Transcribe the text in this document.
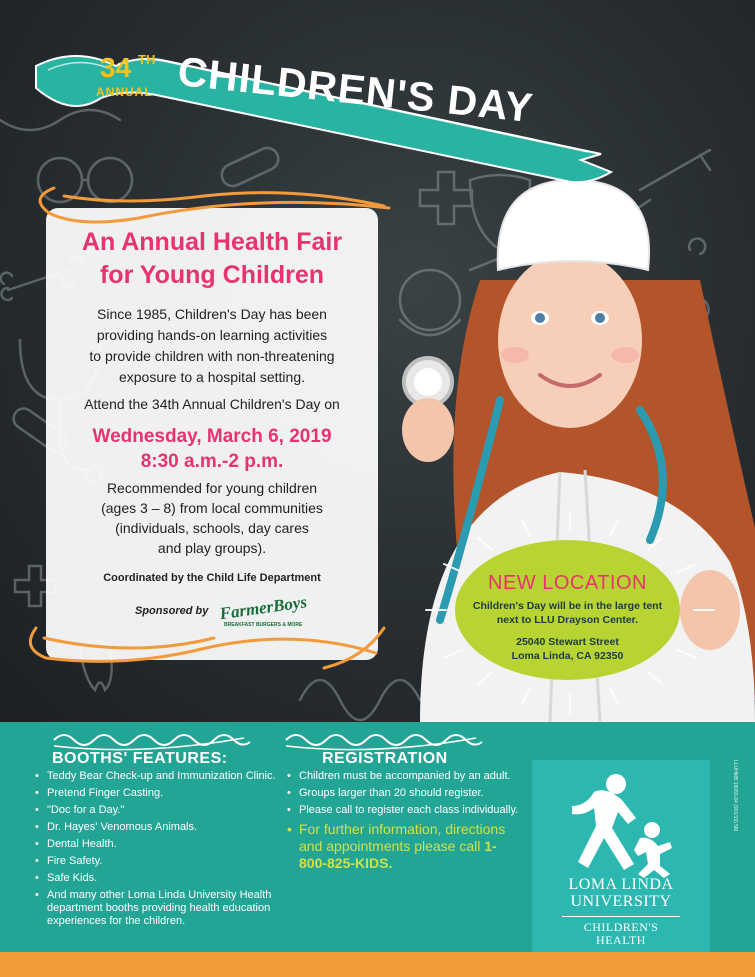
34 TH
ANNUAL CHILDREN'S DAY
An Annual Health Fair
for Young Children
Since 1985, Children's Day has been
providing hands-on learning activities
to provide children with non-threatening
exposure to a hospital setting.
Attend the 34th Annual Children's Day on
Wednesday, March 6, 2019
8:30 a.m.-2 p.m.
Recommended for young children
(ages 3 – 8) from local communities
(individuals, schools, day cares
and play groups).
Coordinated by the Child Life Department
Sponsored by FarmerBoys
BREAKFAST BURGERS & MORE
NEW LOCATION
Children's Day will be in the large tent
next to LLU Drayson Center.
25040 Stewart Street
Loma Linda, CA 92350
BOOTHS' FEATURES:
• Teddy Bear Check-up and Immunization Clinic.
• Pretend Finger Casting.
• "Doc for a Day."
• Dr. Hayes' Venomous Animals.
• Dental Health.
• Fire Safety.
• Safe Kids.
• And many other Loma Linda University Health department booths providing health education experiences for the children.
REGISTRATION
• Children must be accompanied by an adult.
• Groups larger than 20 should register.
• Please call to register each class individually.
• For further information, directions and appointments please call 1-800-825-KIDS.
LOMA LINDA
UNIVERSITY
CHILDREN'S
HEALTH
LLUHMB 18083-04 (901/19) 5M
